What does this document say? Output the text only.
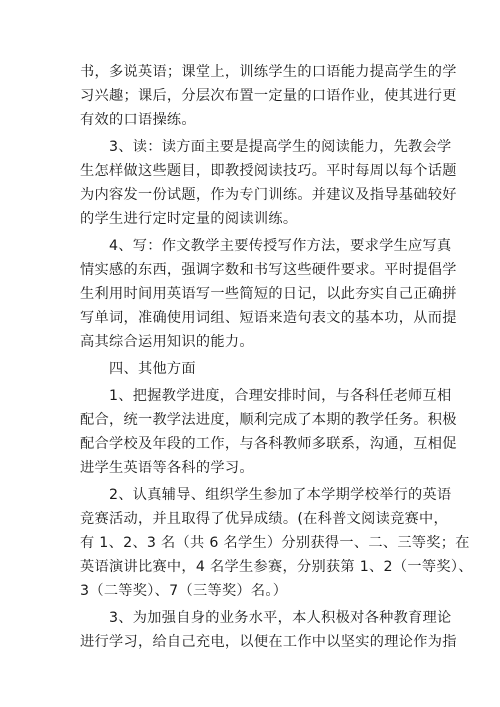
书，多说英语；课堂上，训练学生的口语能力提高学生的学
习兴趣；课后，分层次布置一定量的口语作业，使其进行更
有效的口语操练。
　　3、读：读方面主要是提高学生的阅读能力，先教会学
生怎样做这些题目，即教授阅读技巧。平时每周以每个话题
为内容发一份试题，作为专门训练。并建议及指导基础较好
的学生进行定时定量的阅读训练。
　　4、写：作文教学主要传授写作方法，要求学生应写真
情实感的东西，强调字数和书写这些硬件要求。平时提倡学
生利用时间用英语写一些简短的日记，以此夯实自己正确拼
写单词，准确使用词组、短语来造句表文的基本功，从而提
高其综合运用知识的能力。
　　四、其他方面
　　1、把握教学进度，合理安排时间，与各科任老师互相
配合，统一教学法进度，顺利完成了本期的教学任务。积极
配合学校及年段的工作，与各科教师多联系，沟通，互相促
进学生英语等各科的学习。
　　2、认真辅导、组织学生参加了本学期学校举行的英语
竞赛活动，并且取得了优异成绩。(在科普文阅读竞赛中，
有 1、2、3 名（共 6 名学生）分别获得一、二、三等奖；在
英语演讲比赛中，4 名学生参赛，分别获第 1、2（一等奖）、
3（二等奖）、7（三等奖）名。）
　　3、为加强自身的业务水平，本人积极对各种教育理论
进行学习，给自己充电，以便在工作中以坚实的理论作为指
